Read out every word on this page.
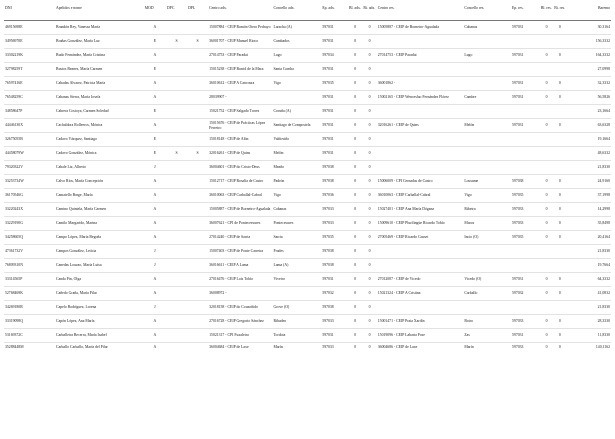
DNI	Apelidos e nome	MOD	DPC	DPL	Centro adx.	Concello adx.	Ep. adx.	Bl. adx.	Bi. adx.	Centro res.	Concello res.	Ep. res.	Bl. res.	Bi. res.	Baremo
46915698E	Brandón Rey, Vanessa María	A			15007884 - CEIP Ramón Otero Pedrayo	Laracha (A)	597031	0	0	15005887 - CEIP de Borneiro-Agualada	Cabanas	597031	0	0	30,3164
34956970E	Brañas González, María Luz	E	S	S	36001707 - CEIP Manuel Rioco	Cambados	597031	0	0						156,3332
33302219K	Budo Fernández, María Cristina	A			27014753 - CEIP Paradai	Lugo	597034	0	0	27014753 - CEIP Paradai	Lugo	597031	0	0	164,3332
32798259T	Bustos Beanes, María Carmen	E			15015238 - CEIP Barrid de la Mara	Santa Comba	597031	0	0						27,0998
76597416E	Cabadas Alvarez, Patricia María	A			36010612 - CEIP A Cancoura	Vigo	597035	0	0	36001862 -		597031	0	0	32,3332
76548259C	Cabanas Sierra, María Josefa	A			28039907 -		597031	0	0	15002165 - CEIP Wenceslao Fernández Flórez	Cambre	597031	0	0	56,5826
34858647P	Cabrera Costoya, Carmen Soledad	E			15021752 - CEIP Salgado Torres	Coruña (A)	597031	0	0						23,1664
44446130X	Cachaldora Rolleeros, Mónica	A			15015676 - CEIP de Prácticas López Ferreiro	Santiago de Compostela	597031	0	0	32016261 - CEIP de Quins	Melón	597031	0	0	63,6328
32675055B	Cadavo Vázquez, Santiago	E			15018148 - CEIP de Alón	Valdoviño	597031	0	0						19,1664
44458079W	Cadavo González, Mónica	E	S	S	32016261 - CEIP de Quins	Melón	597031	0	0						48,6332
79320322V	Cabale Liz, Alberto	J			36004601 - CEIP do Cristo-Deus	Meaño	597038	0	0						21,8330
33253734W	Calvo Ríos, María Concepción	A			15012717 - CEIP Rosalía de Castro	Padrón	597038	0	0	15006009 - CPI Cernadas de Castro	Lousame	597038	0	0	24,9160
36170546G	Camaiello Barge, María	A			36010063 - CEIP Carballal-Cabral	Vigo	597036	0	0	36010063 - CEIP Carballal-Cabral	Vigo	597035	0	0	37,1998
33220243X	Camino Quintela, María Carmen	A			15005887 - CEIP de Borneiro-Agualada	Cabanas	597033	0	0	15027401 - CEIP Ana María Dóganz	Ribeira	597033	0	0	14,2998
33229190G	Camilo Margarido, Marina	A			36007621 - CPI de Ponteceesures	Pontecesures	597033	0	0	15009610 - CEIP Plurilingüe Ricardo Tobío	Muros	597033	0	0	35,8498
34258605Q	Campo López, María Begoña	A			27014240 - CEIP de Sarria	Sarria	597035	0	0	27005469 - CEIP Ricardo Gasset	Incio (O)	597035	0	0	20,4164
47361732V	Campos González, Leticia	J			15007403 - CEIP de Ponte Carreira	Frades	597038	0	0						21,8330
76809310N	Canedas Louzao, María Luisa	J			36016611 - CEIP A Lama	Lama (A)	597038	0	0						19,7664
33314565P	Canda Pin, Olga	A			27016476 - CEIP Lois Tobío	Viveiro	597031	0	0	27012087 - CEIP de Vicedo	Vicedo (O)	597031	0	0	64,3332
52768469K	Cañedo Graña, María Pilar	A			36008972 -		597032	0	0	15021324 - CEIP A Cristina	Carballo	597032	0	0	41,0832
34269180R	Capelo Rodríguez, Lorena	J			32018158 - CEIP do Couzoñido	Grove (O)	597038	0	0						21,8330
33319098Q	Capón López, Ana María	A			27016728 - CEIP Gregorio Sánchez	Ribadeo	597033	0	0	15001471 - CEIP Praia Xardín	Boiro	597033	0	0	28,3330
53169372C	Carballeira Becerra, María Isabel	A			15021317 - CPI Fuxaleira	Tordoia	597031	0	0	15019096 - CEIP Labarta Pose	Zas	597031	0	0	11,8330
35288448M	Carballo Carballo, María del Pilar	A			36004684 - CEIP de Laxe	Marín	597033	0	0	36004686 - CEIP de Laxe	Marín	597033	0	0	140,1162
